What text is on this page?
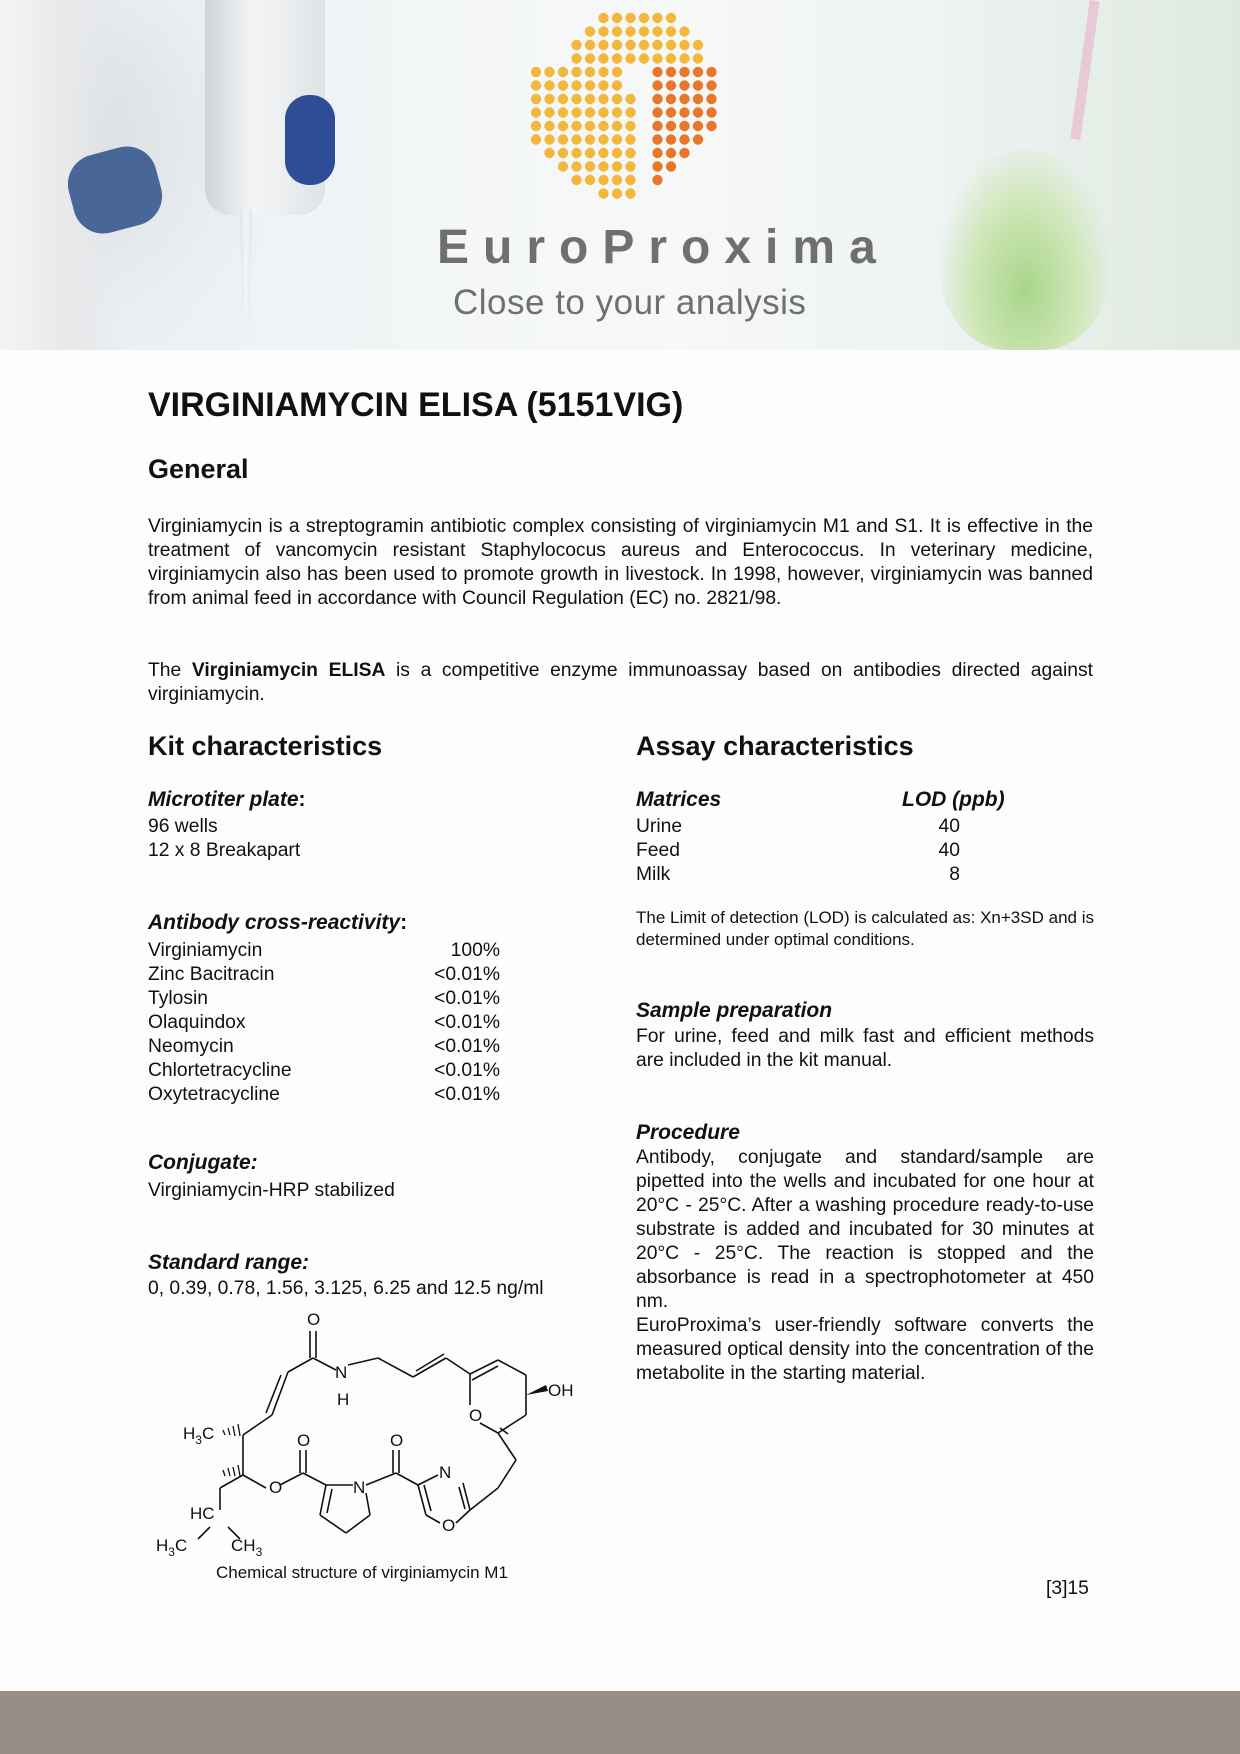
EuroProxima
Close to your analysis
VIRGINIAMYCIN ELISA (5151VIG)
General
Virginiamycin is a streptogramin antibiotic complex consisting of virginiamycin M1 and S1. It is effective in the treatment of vancomycin resistant Staphylococus aureus and Enterococcus. In veterinary medicine, virginiamycin also has been used to promote growth in livestock. In 1998, however, virginiamycin was banned from animal feed in accordance with Council Regulation (EC) no. 2821/98.
The Virginiamycin ELISA is a competitive enzyme immunoassay based on antibodies directed against virginiamycin.
Kit characteristics
Microtiter plate:
96 wells
12 x 8 Breakapart
Antibody cross-reactivity:
Virginiamycin	100%
Zinc Bacitracin	<0.01%
Tylosin	<0.01%
Olaquindox	<0.01%
Neomycin	<0.01%
Chlortetracycline	<0.01%
Oxytetracycline	<0.01%
Conjugate:
Virginiamycin-HRP stabilized
Standard range:
0, 0.39, 0.78, 1.56, 3.125, 6.25 and 12.5 ng/ml
O
N
H	OH
O
$H_3C$	O	O
HC
O	N
N
O
$H_3C$	$CH_3$
Chemical structure of virginiamycin M1
Assay characteristics
Matrices	LOD (ppb)
Urine	40
Feed	40
Milk	8
The Limit of detection (LOD) is calculated as: Xn+3SD and is determined under optimal conditions.
Sample preparation
For urine, feed and milk fast and efficient methods are included in the kit manual.
Procedure
Antibody, conjugate and standard/sample are pipetted into the wells and incubated for one hour at 20°C - 25°C. After a washing procedure ready-to-use substrate is added and incubated for 30 minutes at 20°C - 25°C. The reaction is stopped and the absorbance is read in a spectrophotometer at 450 nm.
EuroProxima’s user-friendly software converts the measured optical density into the concentration of the metabolite in the starting material.
[3]15
